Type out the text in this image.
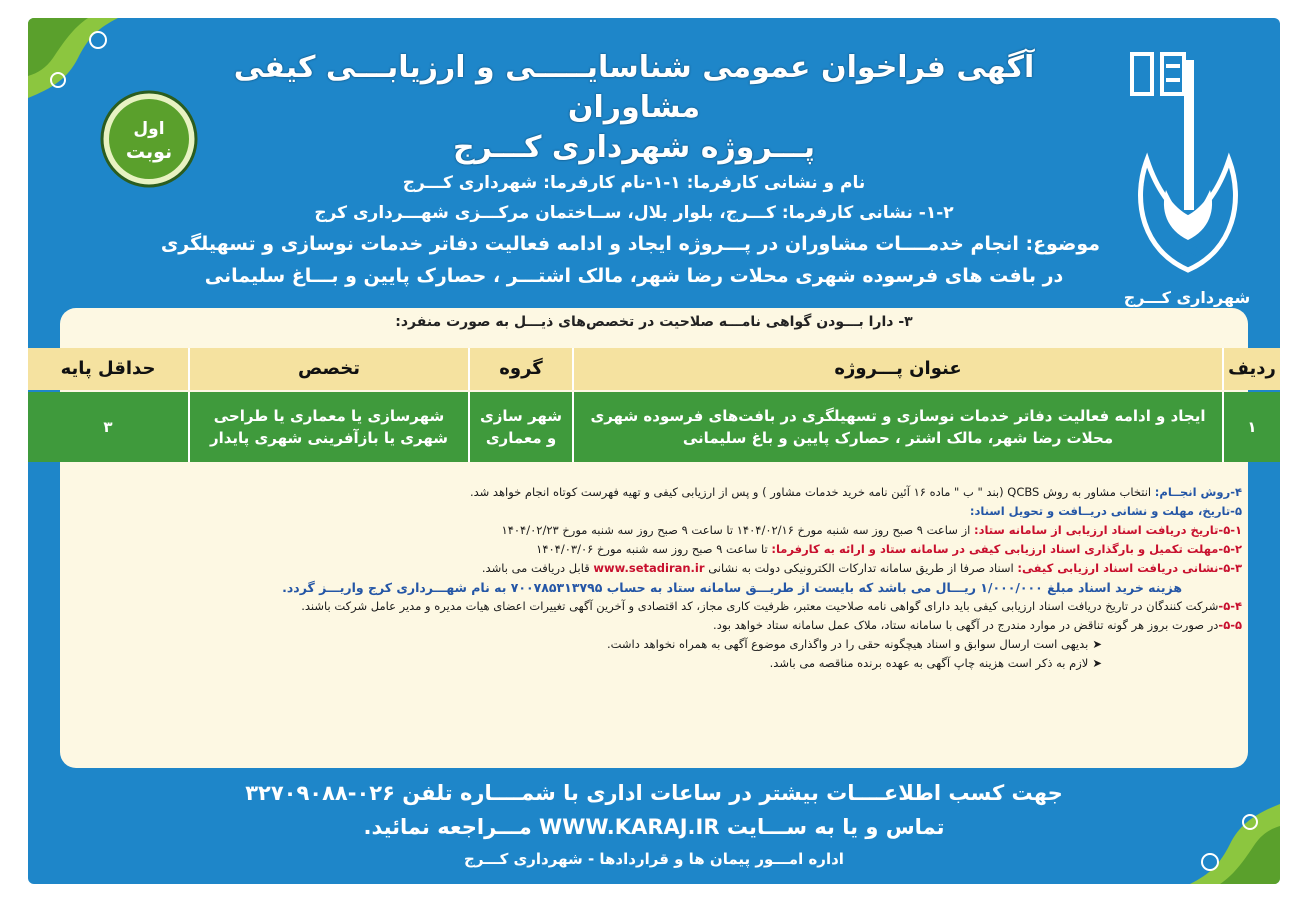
شهرداری کـــرج
اول
نوبت
آگهی فراخوان عمومی شناسایـــــی و ارزیابـــی کیفی مشاوران
پـــروژه شهرداری کـــرج
نام و نشانی کارفرما: ۱-۱-نام کارفرما: شهرداری کـــرج
۱-۲- نشانی کارفرما: کـــرج، بلوار بلال، ســاختمان مرکـــزی شهـــرداری کرج
موضوع: انجام خدمــــات مشاوران در پـــروژه ایجاد و ادامه فعالیت دفاتر خدمات نوسازی و تسهیلگری
در بافت های فرسوده شهری محلات رضا شهر، مالک اشتـــر ، حصارک پایین و بـــاغ سلیمانی
۳- دارا بـــودن گواهی نامـــه صلاحیت در تخصص‌های ذیـــل به صورت منفرد:
ردیف
عنوان پـــروژه
گروه
تخصص
حداقل پایه
۱
ایجاد و ادامه فعالیت دفاتر خدمات نوسازی و تسهیلگری در بافت‌های فرسوده شهری
محلات رضا شهر، مالک اشتر ، حصارک پایین و باغ سلیمانی
شهر سازی
و معماری
شهرسازی یا معماری یا طراحی
شهری یا بازآفرینی شهری پایدار
۳
۴-روش انجــام: انتخاب مشاور به روش QCBS (بند " ب " ماده ۱۶ آئین نامه خرید خدمات مشاور ) و پس از ارزیابی کیفی و تهیه فهرست کوتاه انجام خواهد شد.
۵-تاریخ، مهلت و نشانی دریــافت و تحویل اسناد:
۵-۱-تاریخ دریافت اسناد ارزیابی از سامانه ستاد: از ساعت ۹ صبح روز سه شنبه مورخ ۱۴۰۴/۰۲/۱۶ تا ساعت ۹ صبح روز سه شنبه مورخ ۱۴۰۴/۰۲/۲۳
۵-۲-مهلت تکمیل و بارگذاری اسناد ارزیابی کیفی در سامانه ستاد و ارائه به کارفرما: تا ساعت ۹ صبح روز سه شنبه مورخ ۱۴۰۴/۰۳/۰۶
۵-۳-نشانی دریافت اسناد ارزیابی کیفی: اسناد صرفا از طریق سامانه تدارکات الکترونیکی دولت به نشانی www.setadiran.ir قابل دریافت می باشد.
هزینه خرید اسناد مبلغ ۱/۰۰۰/۰۰۰ ریـــال می باشد که بایست از طریـــق سامانه ستاد به حساب ۷۰۰۷۸۵۳۱۳۷۹۵ به نام شهـــرداری کرج واریـــز گردد.
۵-۴-شرکت کنندگان در تاریخ دریافت اسناد ارزیابی کیفی باید دارای گواهی نامه صلاحیت معتبر، ظرفیت کاری مجاز، کد اقتصادی و آخرین آگهی تغییرات اعضای هیات مدیره و مدیر عامل شرکت باشند.
۵-۵-در صورت بروز هر گونه تناقض در موارد مندرج در آگهی با سامانه ستاد، ملاک عمل سامانه ستاد خواهد بود.
➤بدیهی است ارسال سوابق و اسناد هیچگونه حقی را در واگذاری موضوع آگهی به همراه نخواهد داشت.
➤لازم به ذکر است هزینه چاپ آگهی به عهده برنده مناقصه می باشد.
جهت کسب اطلاعــــات بیشتر در ساعات اداری با شمــــاره تلفن ۰۲۶-۳۲۷۰۹۰۸۸
تماس و یا به ســـایت WWW.KARAJ.IR مـــراجعه نمائید.
اداره امـــور پیمان ها و قراردادها - شهرداری کـــرج
